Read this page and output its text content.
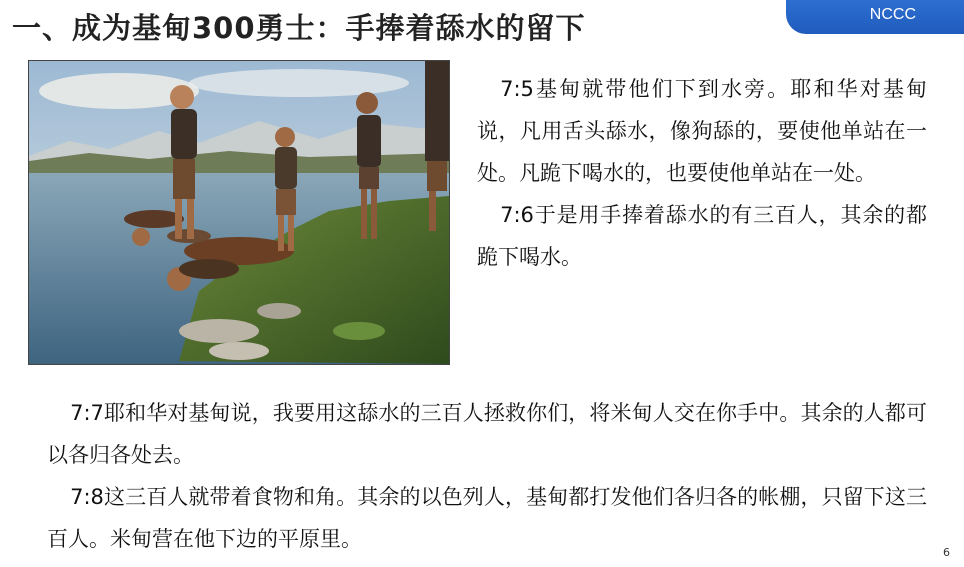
一、成为基甸300勇士：手捧着舔水的留下	NCCC

7:5基甸就带他们下到水旁。耶和华对基甸说，凡用舌头舔水，像狗舔的，要使他单站在一处。凡跪下喝水的，也要使他单站在一处。

7:6于是用手捧着舔水的有三百人，其余的都跪下喝水。

7:7耶和华对基甸说，我要用这舔水的三百人拯救你们，将米甸人交在你手中。其余的人都可以各归各处去。

7:8这三百人就带着食物和角。其余的以色列人，基甸都打发他们各归各的帐棚，只留下这三百人。米甸营在他下边的平原里。

6
